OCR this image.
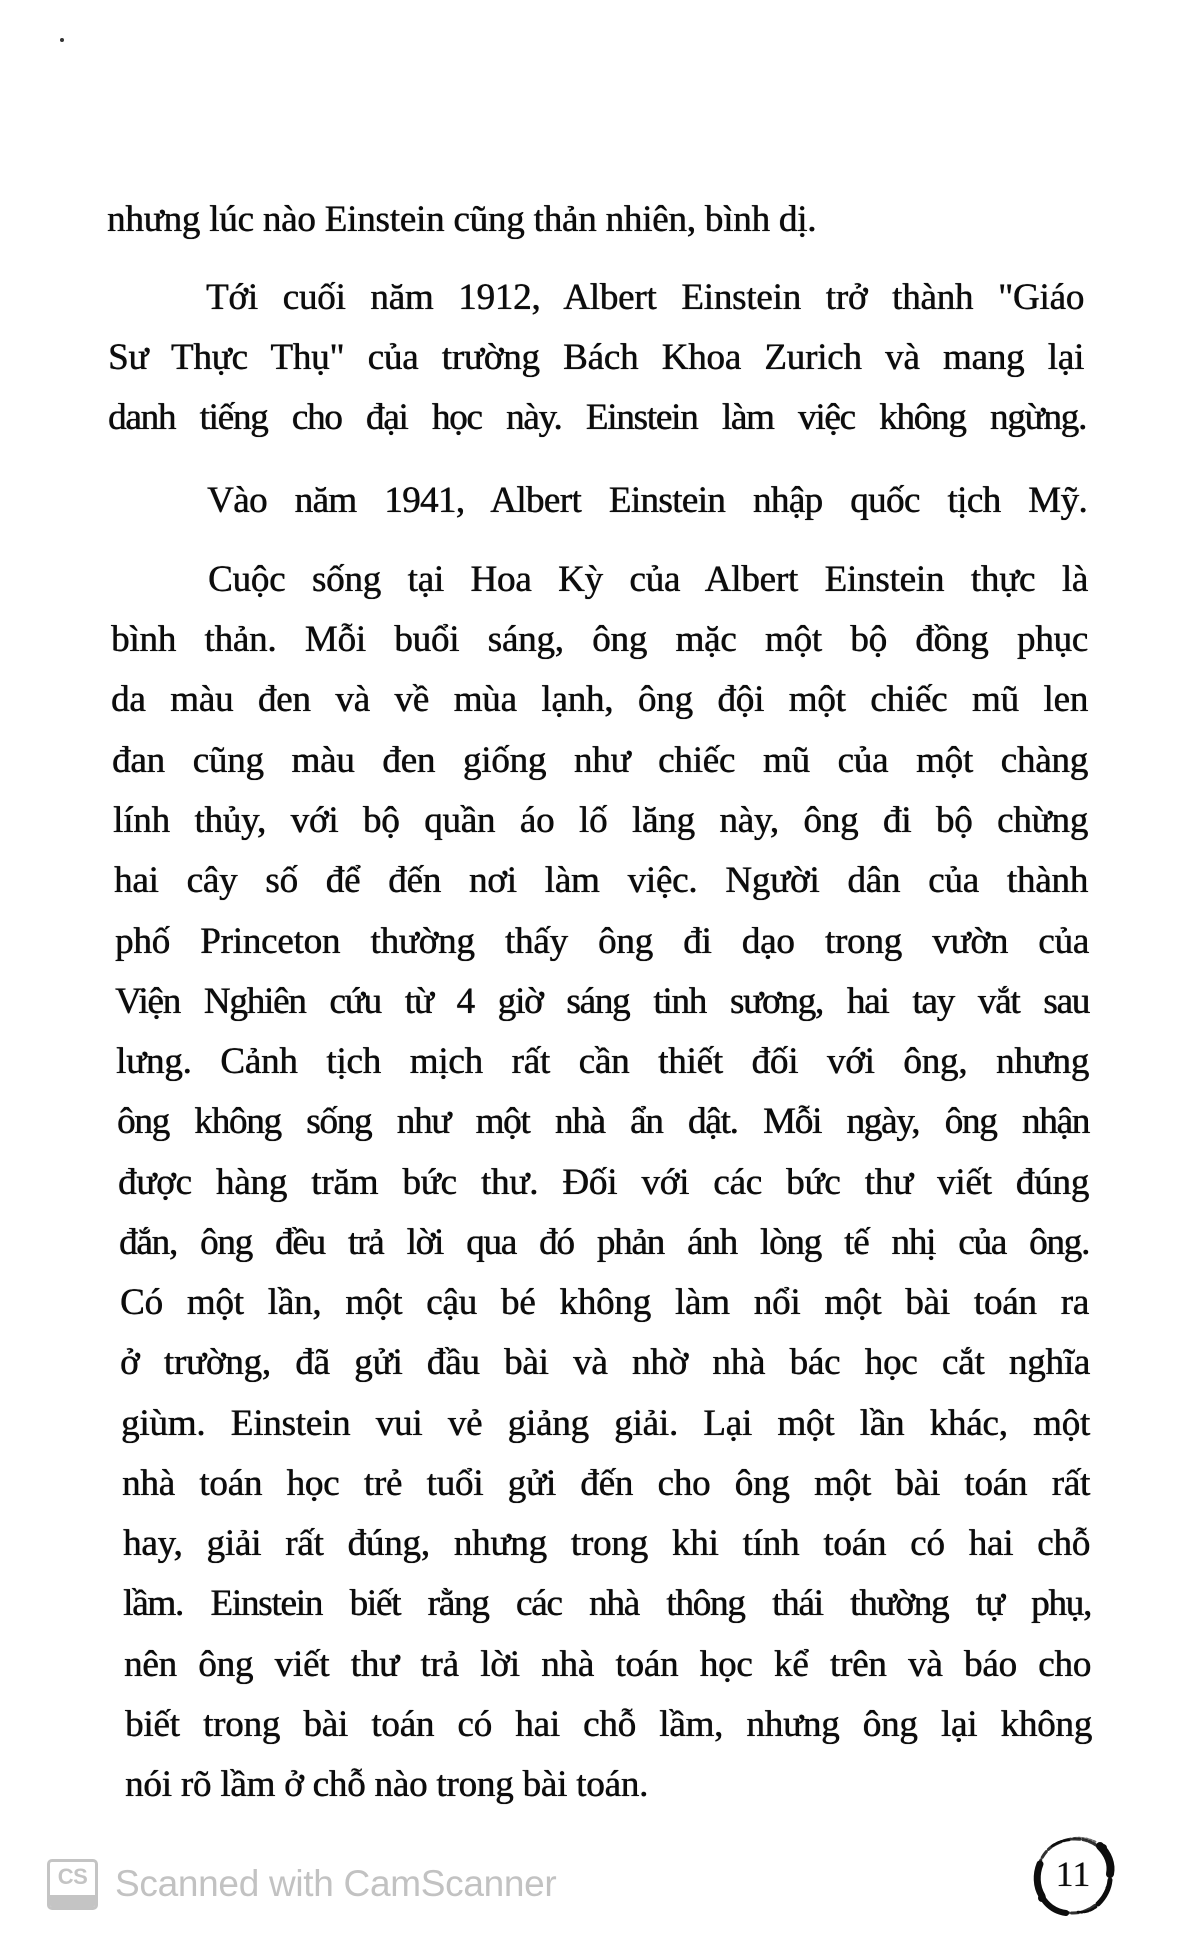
nhưng lúc nào Einstein cũng thản nhiên, bình dị.
Tới cuối năm 1912, Albert Einstein trở thành "Giáo
Sư Thực Thụ" của trường Bách Khoa Zurich và mang lại
danh tiếng cho đại học này. Einstein làm việc không ngừng.
Vào năm 1941, Albert Einstein nhập quốc tịch Mỹ.
Cuộc sống tại Hoa Kỳ của Albert Einstein thực là
bình thản. Mỗi buổi sáng, ông mặc một bộ đồng phục
da màu đen và về mùa lạnh, ông đội một chiếc mũ len
đan cũng màu đen giống như chiếc mũ của một chàng
lính thủy, với bộ quần áo lố lăng này, ông đi bộ chừng
hai cây số để đến nơi làm việc. Người dân của thành
phố Princeton thường thấy ông đi dạo trong vườn của
Viện Nghiên cứu từ 4 giờ sáng tinh sương, hai tay vắt sau
lưng. Cảnh tịch mịch rất cần thiết đối với ông, nhưng
ông không sống như một nhà ẩn dật. Mỗi ngày, ông nhận
được hàng trăm bức thư. Đối với các bức thư viết đúng
đắn, ông đều trả lời qua đó phản ánh lòng tế nhị của ông.
Có một lần, một cậu bé không làm nổi một bài toán ra
ở trường, đã gửi đầu bài và nhờ nhà bác học cắt nghĩa
giùm. Einstein vui vẻ giảng giải. Lại một lần khác, một
nhà toán học trẻ tuổi gửi đến cho ông một bài toán rất
hay, giải rất đúng, nhưng trong khi tính toán có hai chỗ
lầm. Einstein biết rằng các nhà thông thái thường tự phụ,
nên ông viết thư trả lời nhà toán học kể trên và báo cho
biết trong bài toán có hai chỗ lầm, nhưng ông lại không
nói rõ lầm ở chỗ nào trong bài toán.
CS Scanned with CamScanner	11
